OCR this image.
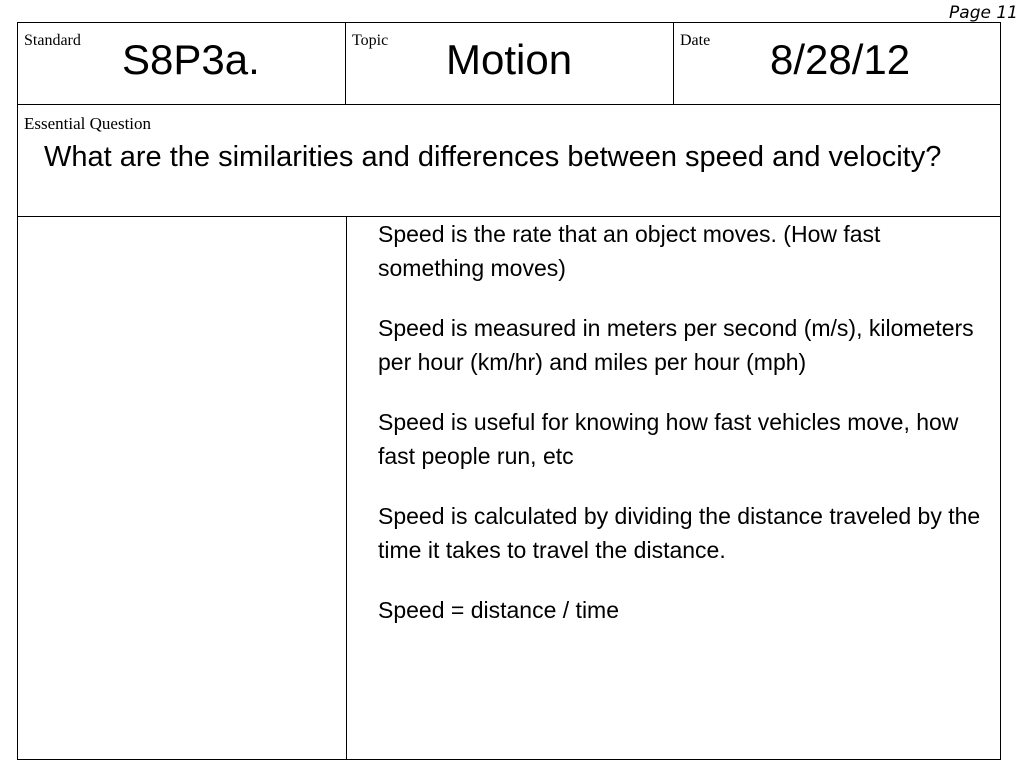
Page 11
Standard S8P3a.	Topic Motion	Date 8/28/12
Essential Question
What are the similarities and differences between speed and velocity?

Speed is the rate that an object moves. (How fast something moves)

Speed is measured in meters per second (m/s), kilometers per hour (km/hr) and miles per hour (mph)

Speed is useful for knowing how fast vehicles move, how fast people run, etc

Speed is calculated by dividing the distance traveled by the time it takes to travel the distance.

Speed = distance / time
